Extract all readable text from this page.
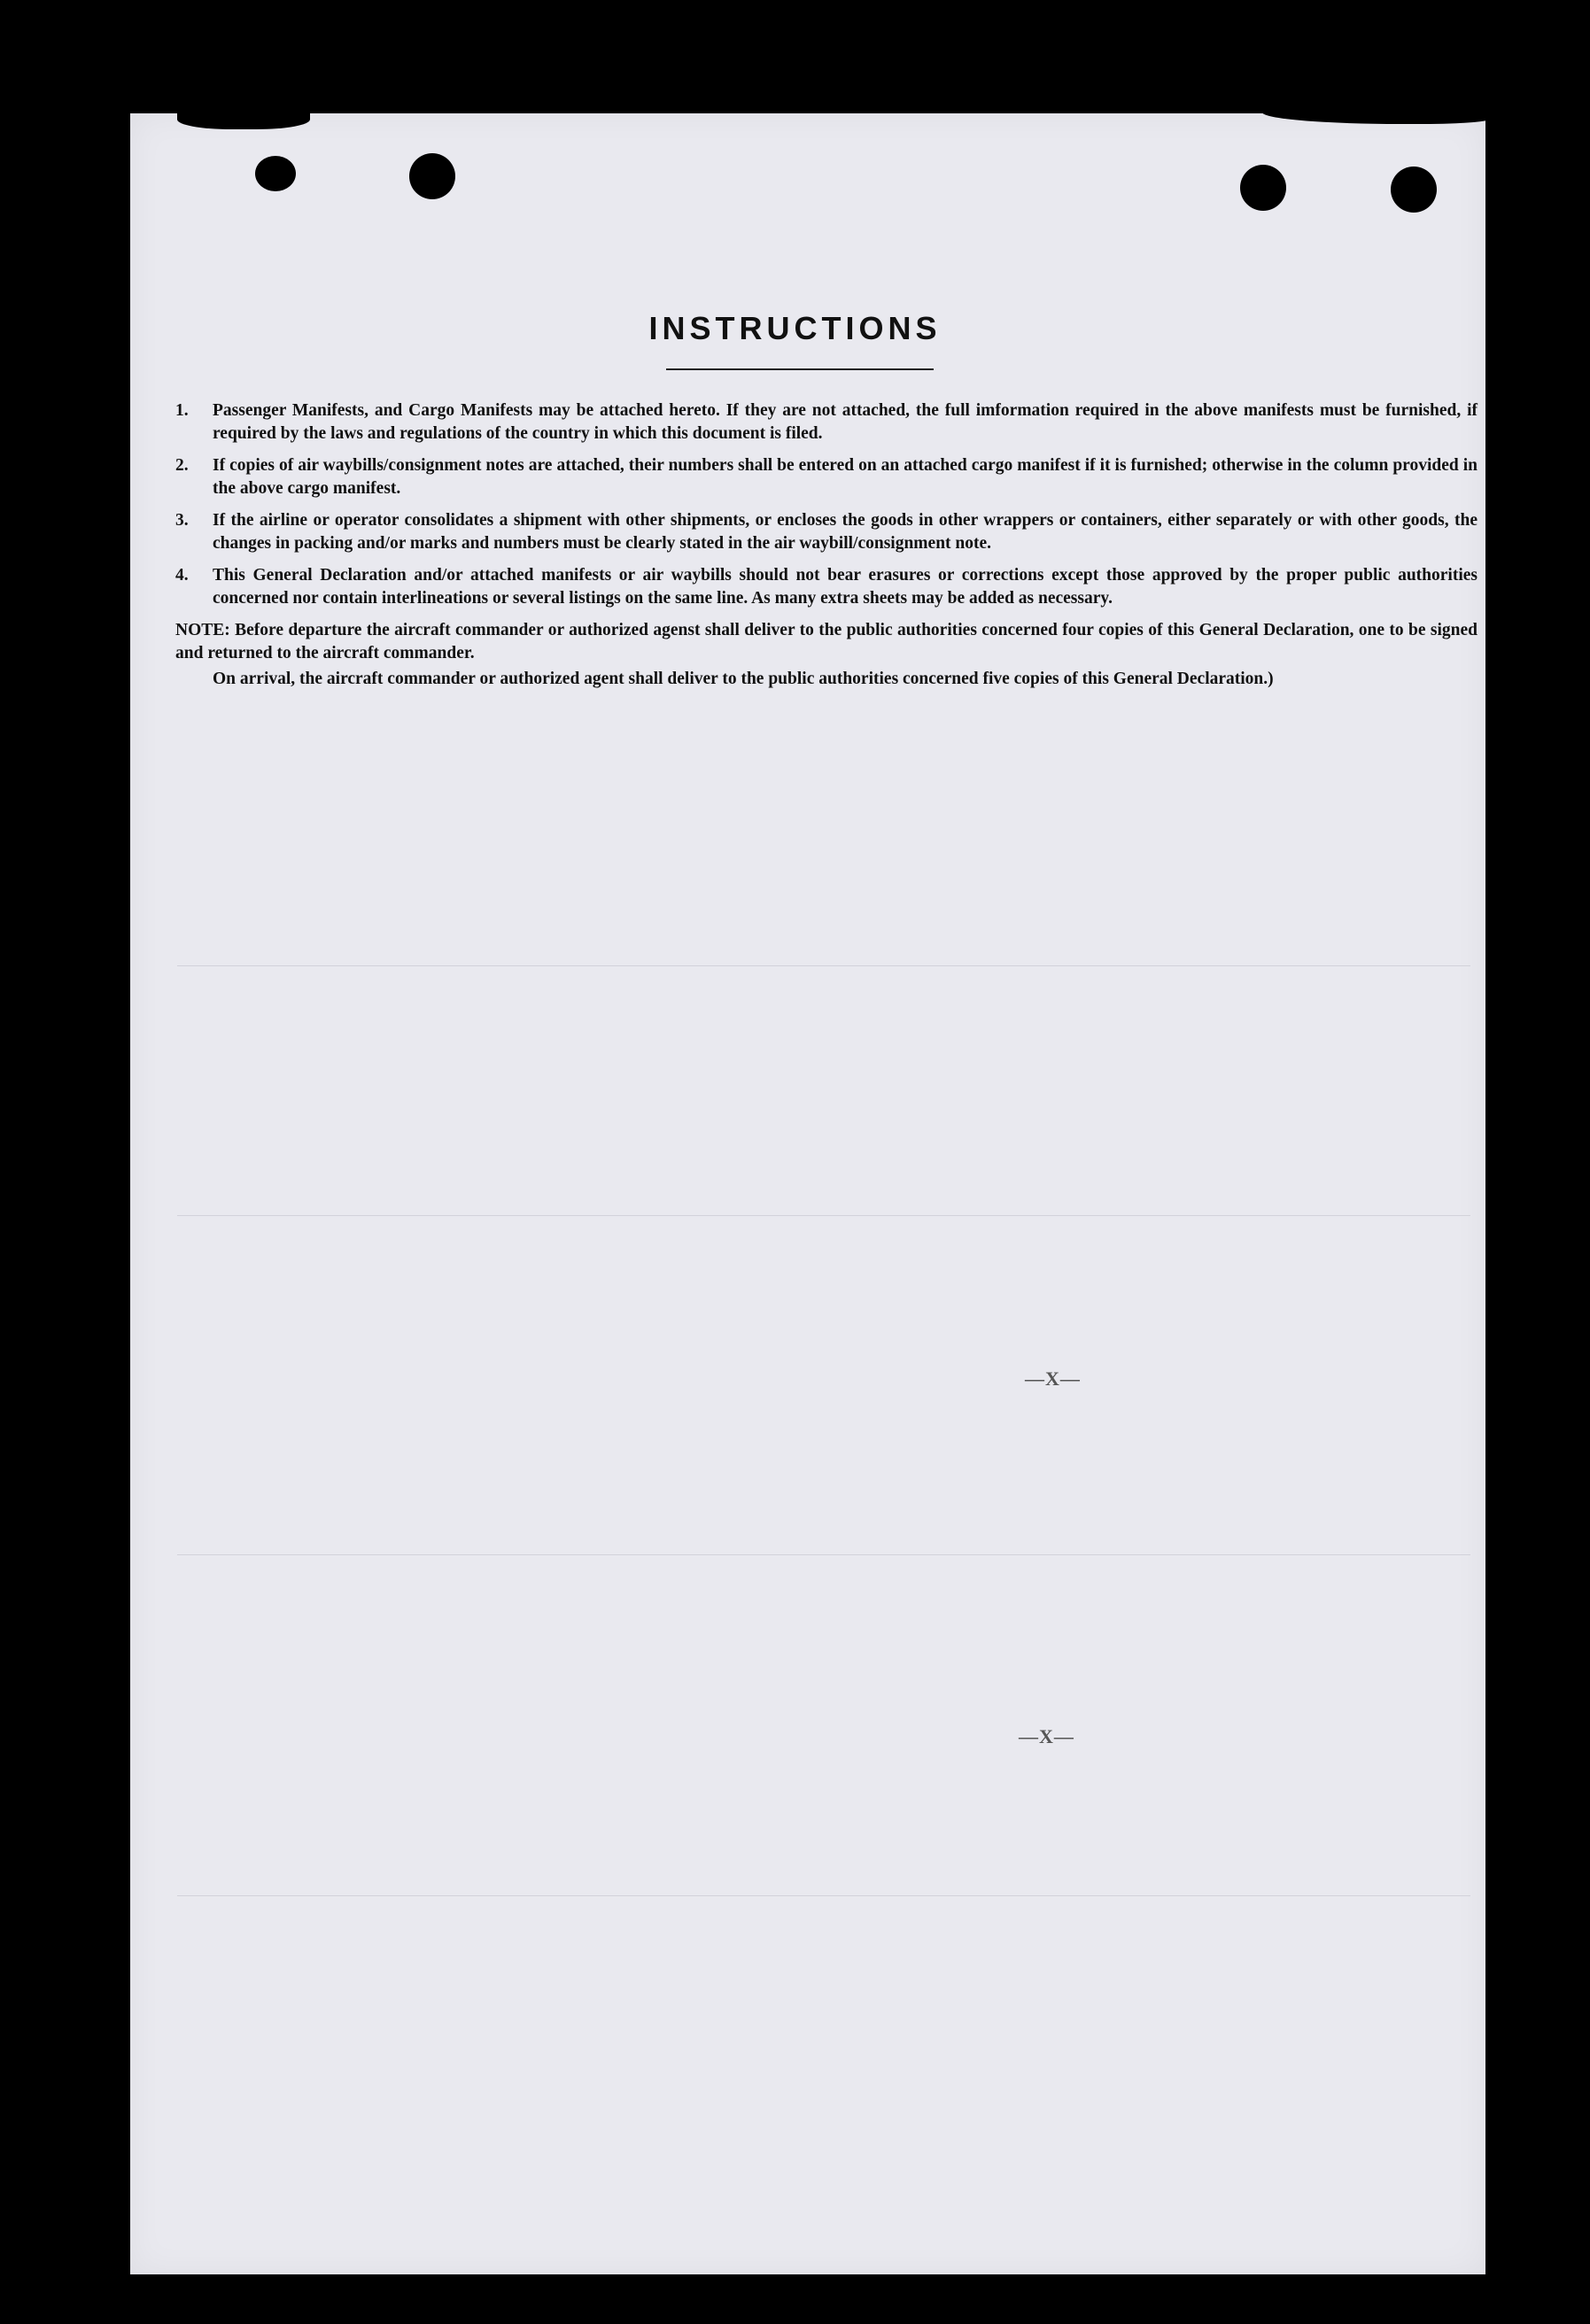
INSTRUCTIONS
1.	Passenger Manifests, and Cargo Manifests may be attached hereto. If they are not attached, the full imformation required in the above manifests must be furnished, if required by the laws and regulations of the country in which this document is filed.
2.	If copies of air waybills/consignment notes are attached, their numbers shall be entered on an attached cargo manifest if it is furnished; otherwise in the column provided in the above cargo manifest.
3.	If the airline or operator consolidates a shipment with other shipments, or encloses the goods in other wrappers or containers, either separately or with other goods, the changes in packing and/or marks and numbers must be clearly stated in the air waybill/consignment note.
4.	This General Declaration and/or attached manifests or air waybills should not bear erasures or corrections except those approved by the proper public authorities concerned nor contain interlineations or several listings on the same line. As many extra sheets may be added as necessary.
NOTE: Before departure the aircraft commander or authorized agenst shall deliver to the public authorities concerned four copies of this General Declaration, one to be signed and returned to the aircraft commander.
On arrival, the aircraft commander or authorized agent shall deliver to the public authorities concerned five copies of this General Declaration.)
—X—
—X—
